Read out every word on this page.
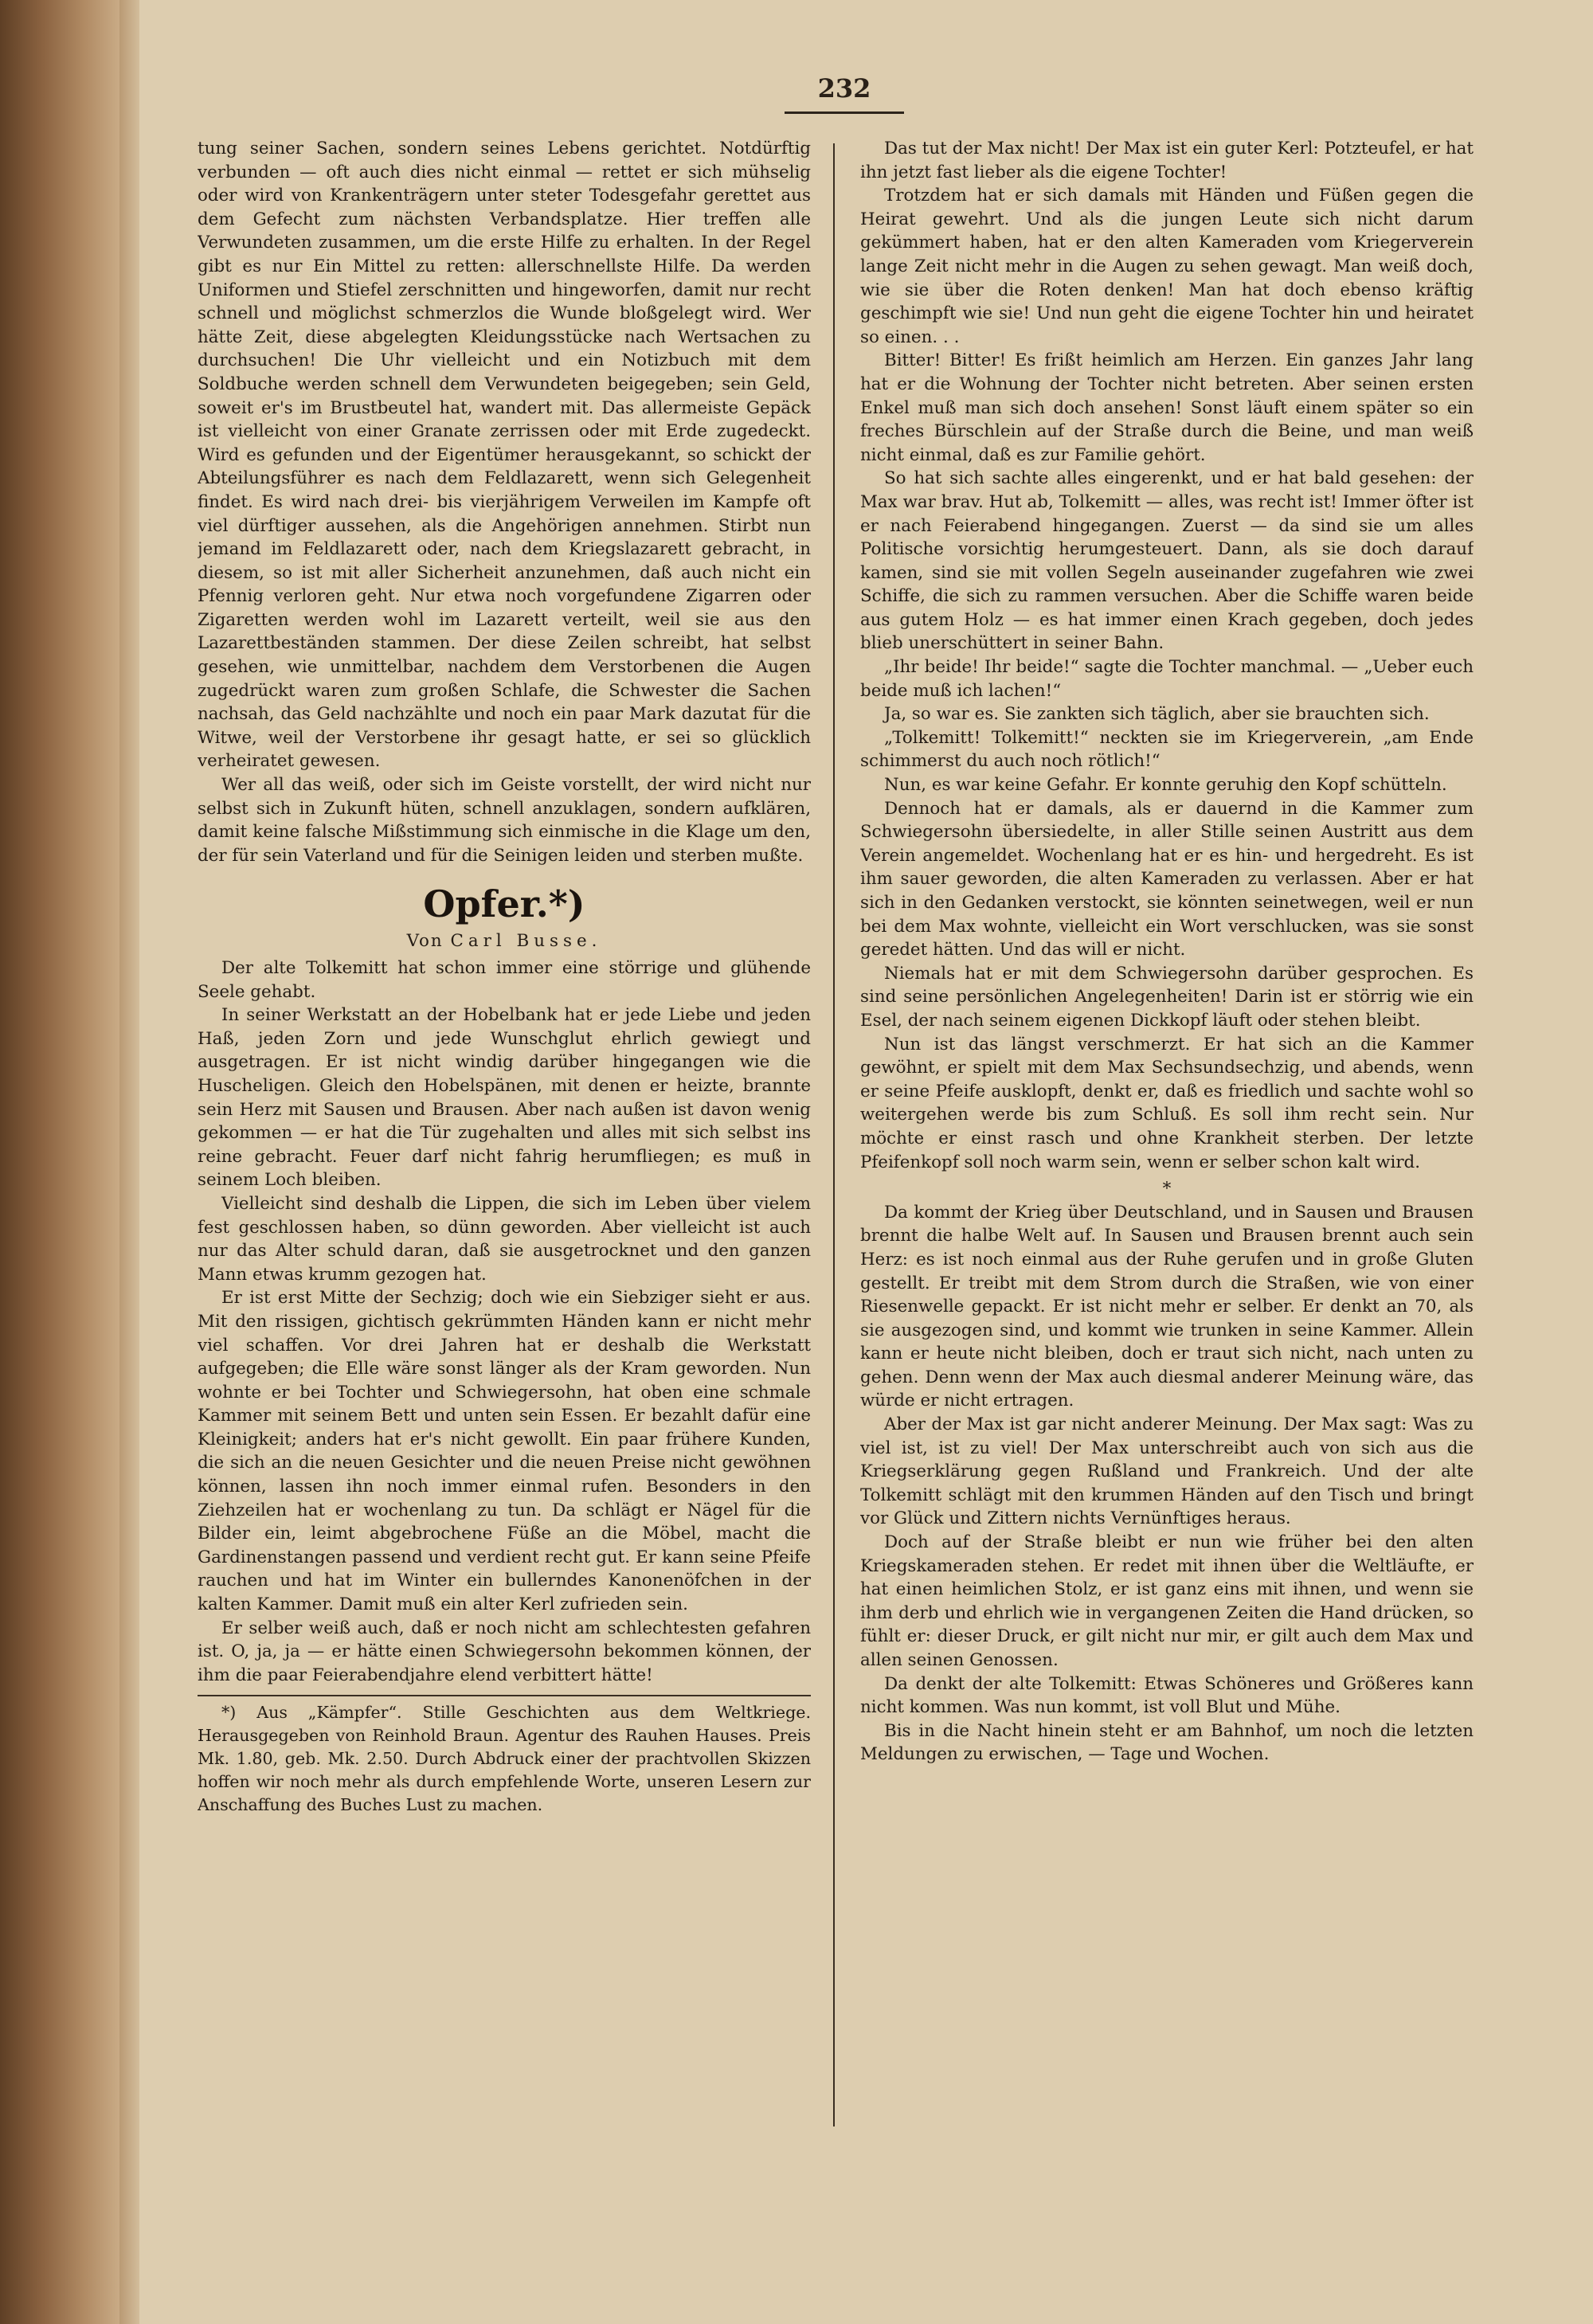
232

tung seiner Sachen, sondern seines Lebens gerichtet. Notdürftig verbunden — oft auch dies nicht einmal — rettet er sich mühselig oder wird von Krankenträgern unter steter Todesgefahr gerettet aus dem Gefecht zum nächsten Verbandsplatze. Hier treffen alle Verwundeten zusammen, um die erste Hilfe zu erhalten. In der Regel gibt es nur Ein Mittel zu retten: allerschnellste Hilfe. Da werden Uniformen und Stiefel zerschnitten und hingeworfen, damit nur recht schnell und möglichst schmerzlos die Wunde bloßgelegt wird. Wer hätte Zeit, diese abgelegten Kleidungsstücke nach Wertsachen zu durchsuchen! Die Uhr vielleicht und ein Notizbuch mit dem Soldbuche werden schnell dem Verwundeten beigegeben; sein Geld, soweit er's im Brustbeutel hat, wandert mit. Das allermeiste Gepäck ist vielleicht von einer Granate zerrissen oder mit Erde zugedeckt. Wird es gefunden und der Eigentümer herausgekannt, so schickt der Abteilungsführer es nach dem Feldlazarett, wenn sich Gelegenheit findet. Es wird nach drei- bis vierjährigem Verweilen im Kampfe oft viel dürftiger aussehen, als die Angehörigen annehmen. Stirbt nun jemand im Feldlazarett oder, nach dem Kriegslazarett gebracht, in diesem, so ist mit aller Sicherheit anzunehmen, daß auch nicht ein Pfennig verloren geht. Nur etwa noch vorgefundene Zigarren oder Zigaretten werden wohl im Lazarett verteilt, weil sie aus den Lazarettbeständen stammen. Der diese Zeilen schreibt, hat selbst gesehen, wie unmittelbar, nachdem dem Verstorbenen die Augen zugedrückt waren zum großen Schlafe, die Schwester die Sachen nachsah, das Geld nachzählte und noch ein paar Mark dazutat für die Witwe, weil der Verstorbene ihr gesagt hatte, er sei so glücklich verheiratet gewesen.

Wer all das weiß, oder sich im Geiste vorstellt, der wird nicht nur selbst sich in Zukunft hüten, schnell anzuklagen, sondern aufklären, damit keine falsche Mißstimmung sich einmische in die Klage um den, der für sein Vaterland und für die Seinigen leiden und sterben mußte.

Opfer.*)
Von Carl Busse.

Der alte Tolkemitt hat schon immer eine störrige und glühende Seele gehabt.

In seiner Werkstatt an der Hobelbank hat er jede Liebe und jeden Haß, jeden Zorn und jede Wunschglut ehrlich gewiegt und ausgetragen. Er ist nicht windig darüber hingegangen wie die Huscheligen. Gleich den Hobelspänen, mit denen er heizte, brannte sein Herz mit Sausen und Brausen. Aber nach außen ist davon wenig gekommen — er hat die Tür zugehalten und alles mit sich selbst ins reine gebracht. Feuer darf nicht fahrig herumfliegen; es muß in seinem Loch bleiben.

Vielleicht sind deshalb die Lippen, die sich im Leben über vielem fest geschlossen haben, so dünn geworden. Aber vielleicht ist auch nur das Alter schuld daran, daß sie ausgetrocknet und den ganzen Mann etwas krumm gezogen hat.

Er ist erst Mitte der Sechzig; doch wie ein Siebziger sieht er aus. Mit den rissigen, gichtisch gekrümmten Händen kann er nicht mehr viel schaffen. Vor drei Jahren hat er deshalb die Werkstatt aufgegeben; die Elle wäre sonst länger als der Kram geworden. Nun wohnte er bei Tochter und Schwiegersohn, hat oben eine schmale Kammer mit seinem Bett und unten sein Essen. Er bezahlt dafür eine Kleinigkeit; anders hat er's nicht gewollt. Ein paar frühere Kunden, die sich an die neuen Gesichter und die neuen Preise nicht gewöhnen können, lassen ihn noch immer einmal rufen. Besonders in den Ziehzeilen hat er wochenlang zu tun. Da schlägt er Nägel für die Bilder ein, leimt abgebrochene Füße an die Möbel, macht die Gardinenstangen passend und verdient recht gut. Er kann seine Pfeife rauchen und hat im Winter ein bullerndes Kanonenöfchen in der kalten Kammer. Damit muß ein alter Kerl zufrieden sein.

Er selber weiß auch, daß er noch nicht am schlechtesten gefahren ist. O, ja, ja — er hätte einen Schwiegersohn bekommen können, der ihm die paar Feierabendjahre elend verbittert hätte!

*) Aus „Kämpfer“. Stille Geschichten aus dem Weltkriege. Herausgegeben von Reinhold Braun. Agentur des Rauhen Hauses. Preis Mk. 1.80, geb. Mk. 2.50. Durch Abdruck einer der prachtvollen Skizzen hoffen wir noch mehr als durch empfehlende Worte, unseren Lesern zur Anschaffung des Buches Lust zu machen.

Das tut der Max nicht! Der Max ist ein guter Kerl: Potzteufel, er hat ihn jetzt fast lieber als die eigene Tochter!

Trotzdem hat er sich damals mit Händen und Füßen gegen die Heirat gewehrt. Und als die jungen Leute sich nicht darum gekümmert haben, hat er den alten Kameraden vom Kriegerverein lange Zeit nicht mehr in die Augen zu sehen gewagt. Man weiß doch, wie sie über die Roten denken! Man hat doch ebenso kräftig geschimpft wie sie! Und nun geht die eigene Tochter hin und heiratet so einen. . .

Bitter! Bitter! Es frißt heimlich am Herzen. Ein ganzes Jahr lang hat er die Wohnung der Tochter nicht betreten. Aber seinen ersten Enkel muß man sich doch ansehen! Sonst läuft einem später so ein freches Bürschlein auf der Straße durch die Beine, und man weiß nicht einmal, daß es zur Familie gehört.

So hat sich sachte alles eingerenkt, und er hat bald gesehen: der Max war brav. Hut ab, Tolkemitt — alles, was recht ist! Immer öfter ist er nach Feierabend hingegangen. Zuerst — da sind sie um alles Politische vorsichtig herumgesteuert. Dann, als sie doch darauf kamen, sind sie mit vollen Segeln auseinander zugefahren wie zwei Schiffe, die sich zu rammen versuchen. Aber die Schiffe waren beide aus gutem Holz — es hat immer einen Krach gegeben, doch jedes blieb unerschüttert in seiner Bahn.

„Ihr beide! Ihr beide!“ sagte die Tochter manchmal. — „Ueber euch beide muß ich lachen!“

Ja, so war es. Sie zankten sich täglich, aber sie brauchten sich.

„Tolkemitt! Tolkemitt!“ neckten sie im Kriegerverein, „am Ende schimmerst du auch noch rötlich!“

Nun, es war keine Gefahr. Er konnte geruhig den Kopf schütteln.

Dennoch hat er damals, als er dauernd in die Kammer zum Schwiegersohn übersiedelte, in aller Stille seinen Austritt aus dem Verein angemeldet. Wochenlang hat er es hin- und hergedreht. Es ist ihm sauer geworden, die alten Kameraden zu verlassen. Aber er hat sich in den Gedanken verstockt, sie könnten seinetwegen, weil er nun bei dem Max wohnte, vielleicht ein Wort verschlucken, was sie sonst geredet hätten. Und das will er nicht.

Niemals hat er mit dem Schwiegersohn darüber gesprochen. Es sind seine persönlichen Angelegenheiten! Darin ist er störrig wie ein Esel, der nach seinem eigenen Dickkopf läuft oder stehen bleibt.

Nun ist das längst verschmerzt. Er hat sich an die Kammer gewöhnt, er spielt mit dem Max Sechsundsechzig, und abends, wenn er seine Pfeife ausklopft, denkt er, daß es friedlich und sachte wohl so weitergehen werde bis zum Schluß. Es soll ihm recht sein. Nur möchte er einst rasch und ohne Krankheit sterben. Der letzte Pfeifenkopf soll noch warm sein, wenn er selber schon kalt wird.

*

Da kommt der Krieg über Deutschland, und in Sausen und Brausen brennt die halbe Welt auf. In Sausen und Brausen brennt auch sein Herz: es ist noch einmal aus der Ruhe gerufen und in große Gluten gestellt. Er treibt mit dem Strom durch die Straßen, wie von einer Riesenwelle gepackt. Er ist nicht mehr er selber. Er denkt an 70, als sie ausgezogen sind, und kommt wie trunken in seine Kammer. Allein kann er heute nicht bleiben, doch er traut sich nicht, nach unten zu gehen. Denn wenn der Max auch diesmal anderer Meinung wäre, das würde er nicht ertragen.

Aber der Max ist gar nicht anderer Meinung. Der Max sagt: Was zu viel ist, ist zu viel! Der Max unterschreibt auch von sich aus die Kriegserklärung gegen Rußland und Frankreich. Und der alte Tolkemitt schlägt mit den krummen Händen auf den Tisch und bringt vor Glück und Zittern nichts Vernünftiges heraus.

Doch auf der Straße bleibt er nun wie früher bei den alten Kriegskameraden stehen. Er redet mit ihnen über die Weltläufte, er hat einen heimlichen Stolz, er ist ganz eins mit ihnen, und wenn sie ihm derb und ehrlich wie in vergangenen Zeiten die Hand drücken, so fühlt er: dieser Druck, er gilt nicht nur mir, er gilt auch dem Max und allen seinen Genossen.

Da denkt der alte Tolkemitt: Etwas Schöneres und Größeres kann nicht kommen. Was nun kommt, ist voll Blut und Mühe.

Bis in die Nacht hinein steht er am Bahnhof, um noch die letzten Meldungen zu erwischen, — Tage und Wochen.
